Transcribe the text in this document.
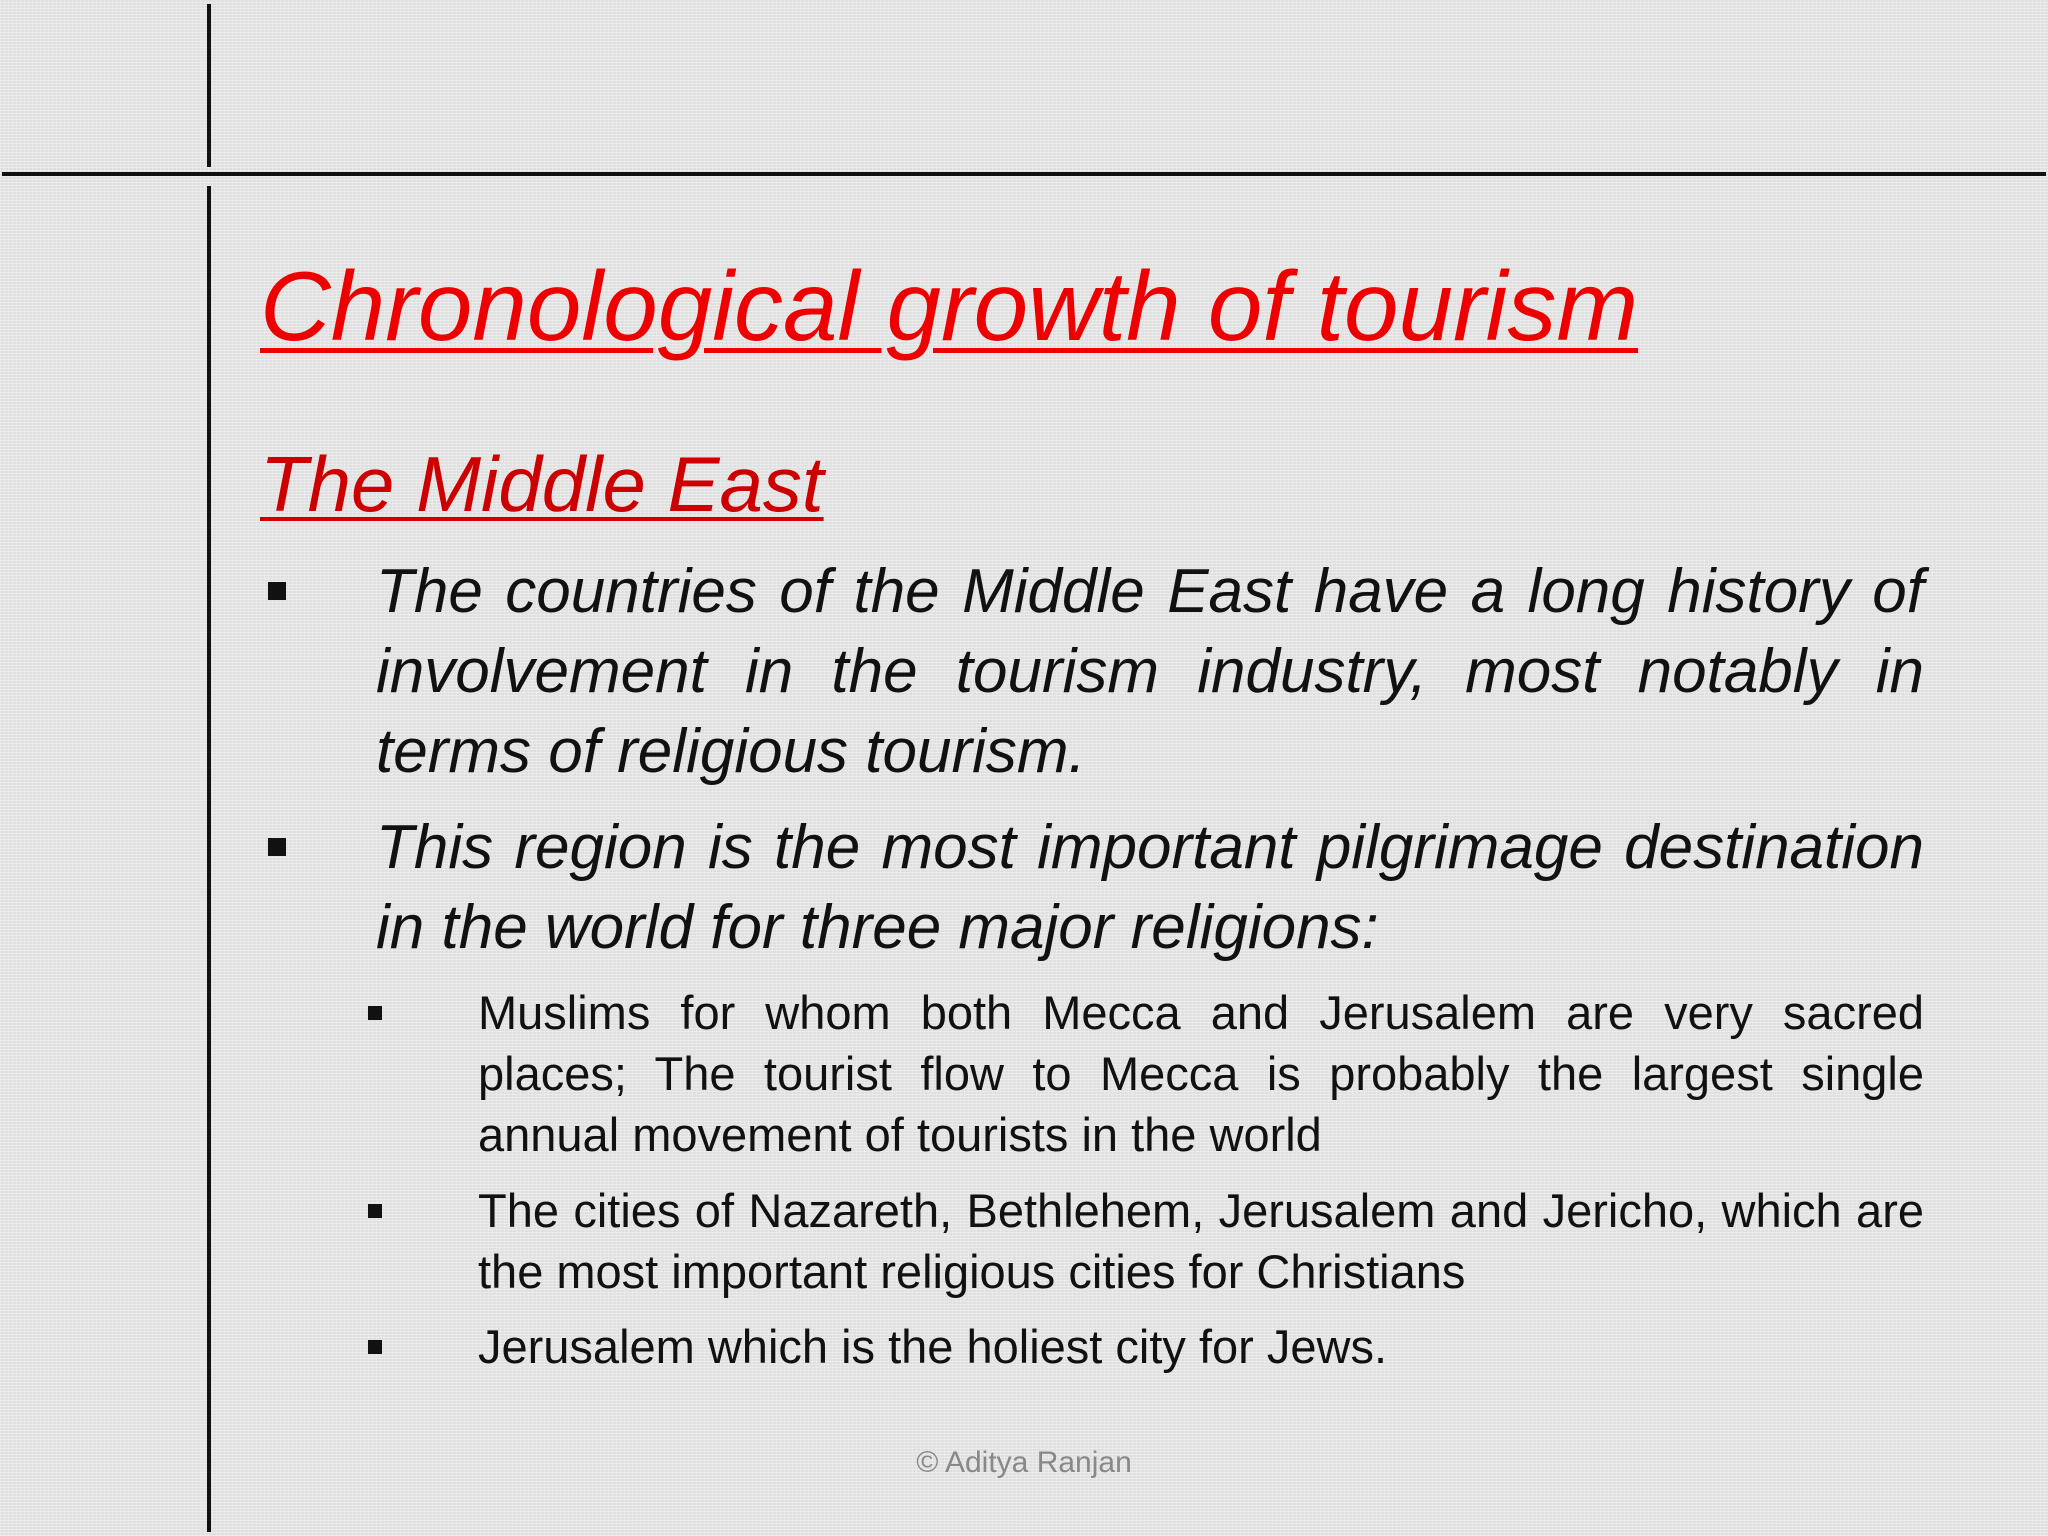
Chronological growth of tourism
The Middle East
The countries of the Middle East have a long history of involvement in the tourism industry, most notably in terms of religious tourism.
This region is the most important pilgrimage destination in the world for three major religions:
Muslims for whom both Mecca and Jerusalem are very sacred places; The tourist flow to Mecca is probably the largest single annual movement of tourists in the world
The cities of Nazareth, Bethlehem, Jerusalem and Jericho, which are the most important religious cities for Christians
Jerusalem which is the holiest city for Jews.
© Aditya Ranjan
